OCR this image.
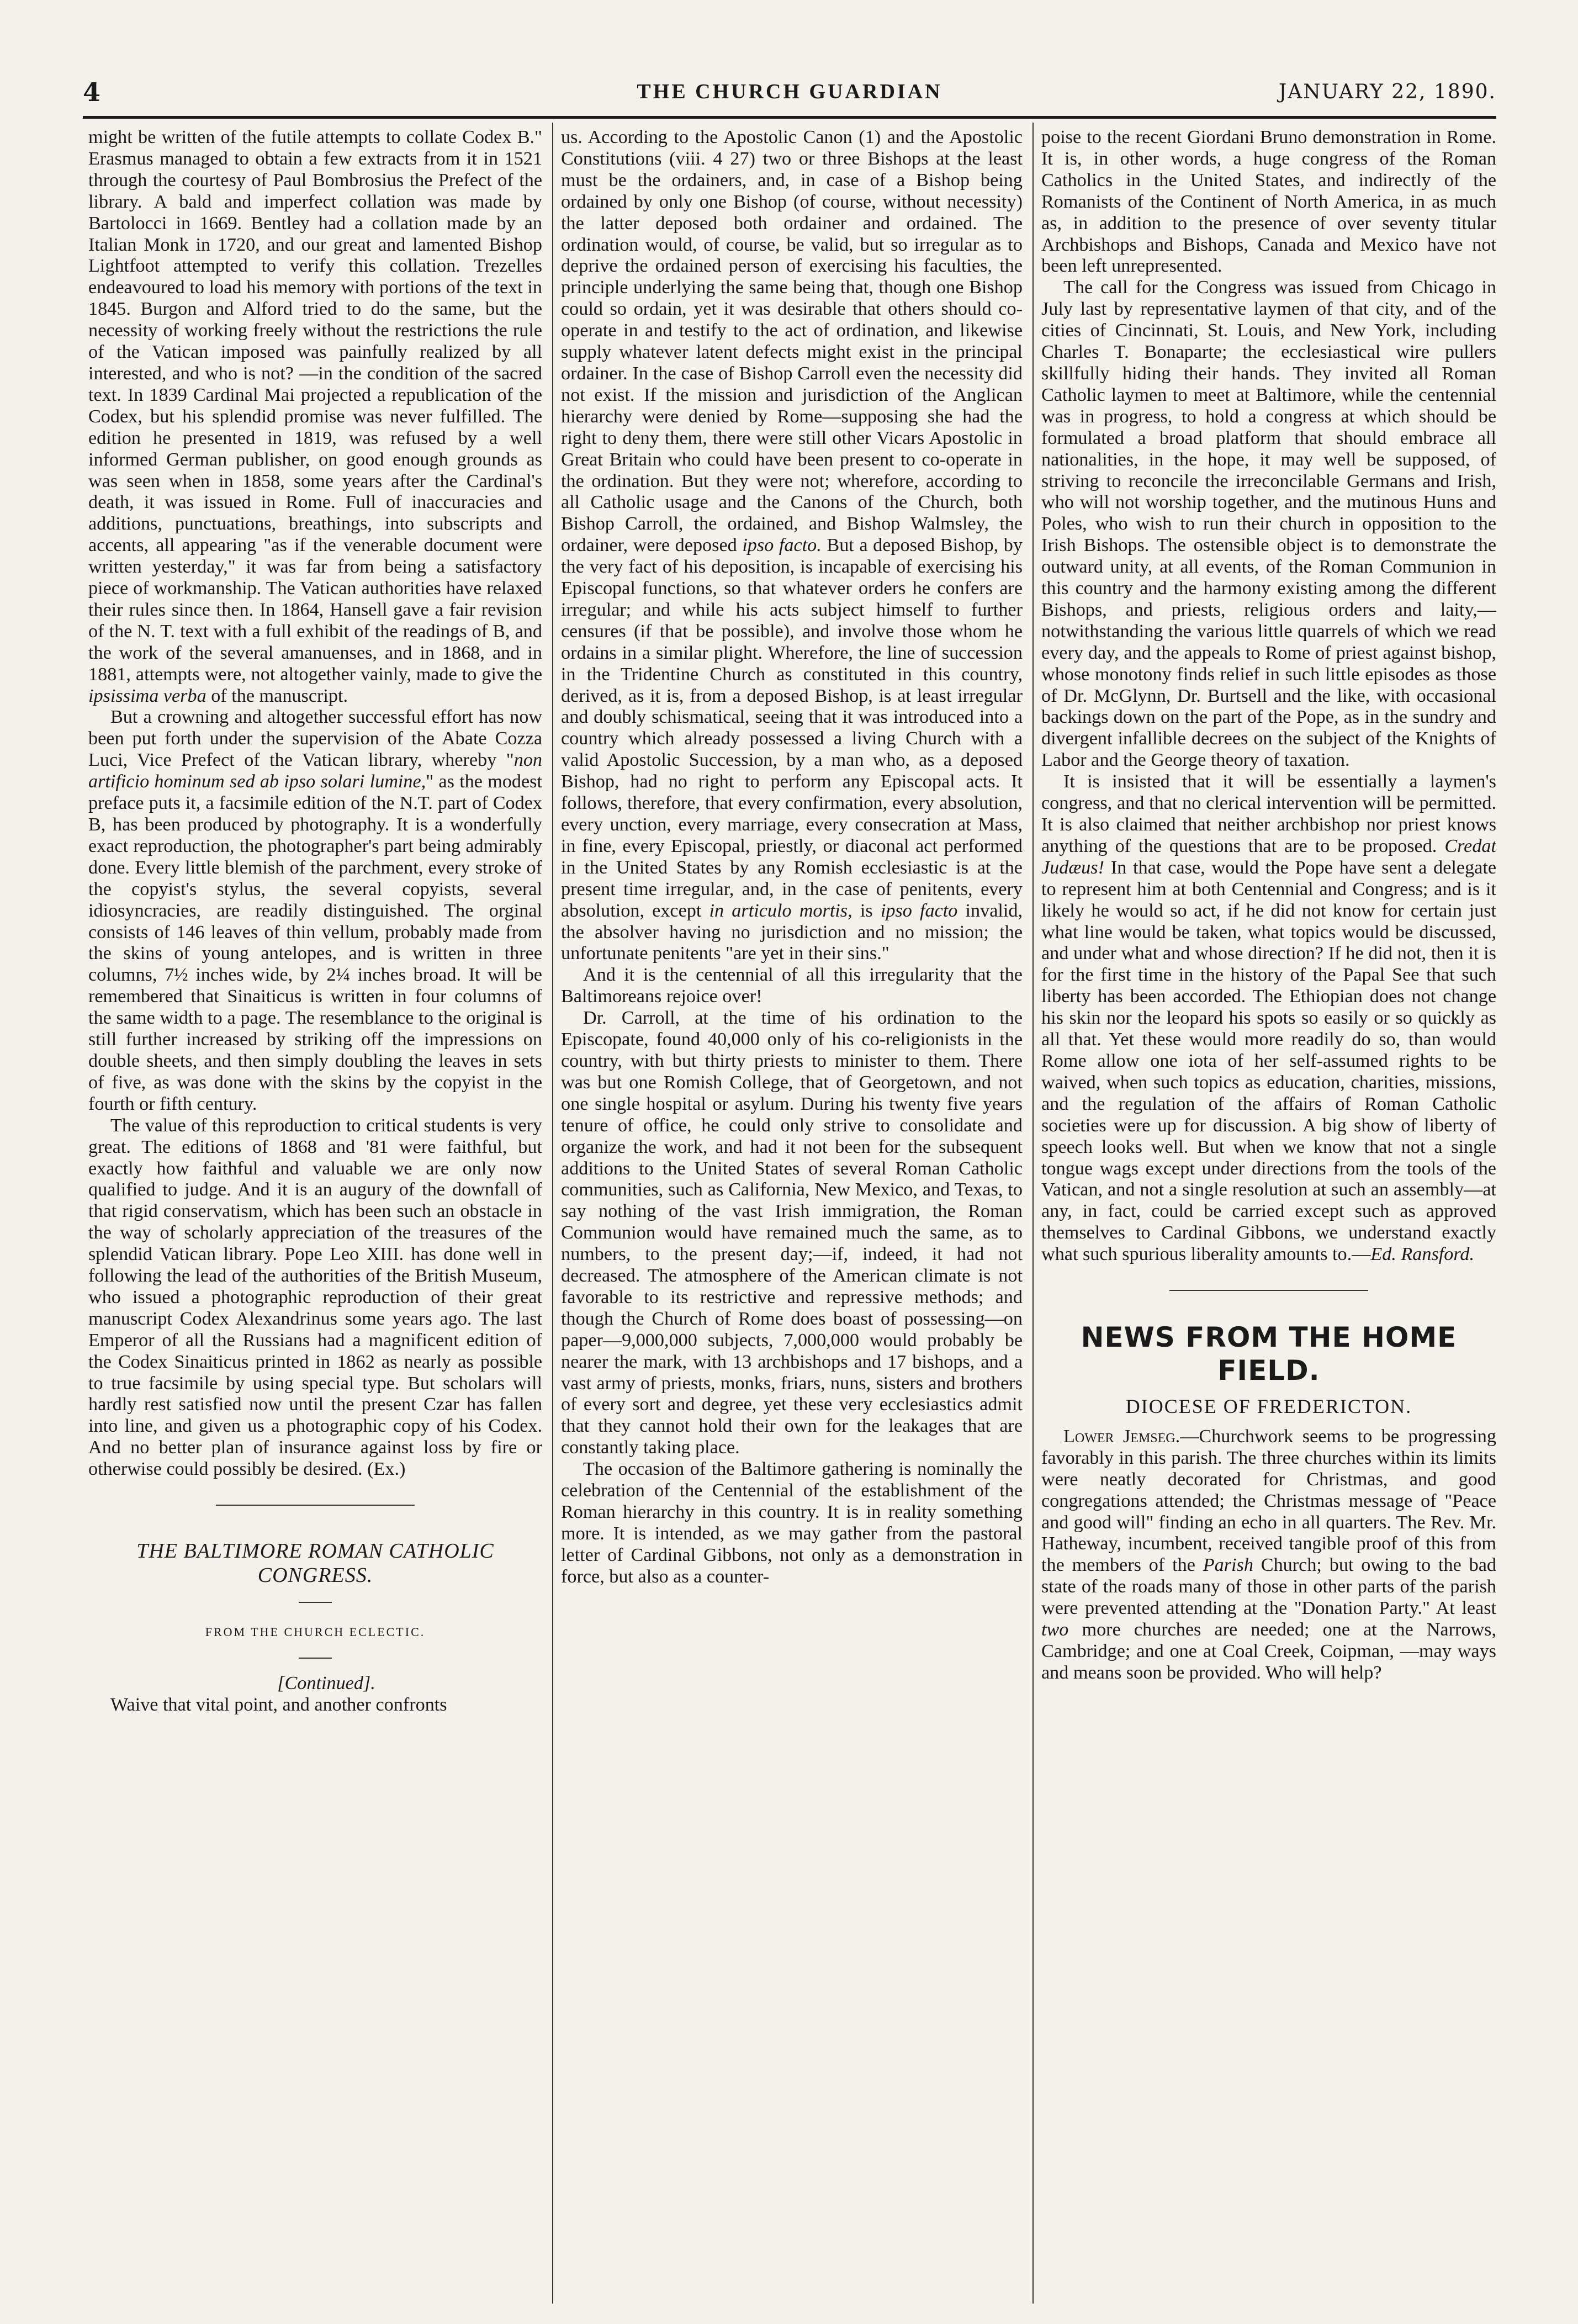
4	THE CHURCH GUARDIAN	JANUARY 22, 1890.

might be written of the futile attempts to collate Codex B." Erasmus managed to obtain a few extracts from it in 1521 through the courtesy of Paul Bombrosius the Prefect of the library. A bald and imperfect collation was made by Bartolocci in 1669. Bentley had a collation made by an Italian Monk in 1720, and our great and lamented Bishop Lightfoot attempted to verify this collation. Trezelles endeavoured to load his memory with portions of the text in 1845. Burgon and Alford tried to do the same, but the necessity of working freely without the restrictions the rule of the Vatican imposed was painfully realized by all interested, and who is not? —in the condition of the sacred text. In 1839 Cardinal Mai projected a republication of the Codex, but his splendid promise was never fulfilled. The edition he presented in 1819, was refused by a well informed German publisher, on good enough grounds as was seen when in 1858, some years after the Cardinal's death, it was issued in Rome. Full of inaccuracies and additions, punctuations, breathings, into subscripts and accents, all appearing "as if the venerable document were written yesterday," it was far from being a satisfactory piece of workmanship. The Vatican authorities have relaxed their rules since then. In 1864, Hansell gave a fair revision of the N. T. text with a full exhibit of the readings of B, and the work of the several amanuenses, and in 1868, and in 1881, attempts were, not altogether vainly, made to give the ipsissima verba of the manuscript.

But a crowning and altogether successful effort has now been put forth under the supervision of the Abate Cozza Luci, Vice Prefect of the Vatican library, whereby "non artificio hominum sed ab ipso solari lumine," as the modest preface puts it, a facsimile edition of the N.T. part of Codex B, has been produced by photography. It is a wonderfully exact reproduction, the photographer's part being admirably done. Every little blemish of the parchment, every stroke of the copyist's stylus, the several copyists, several idiosyncracies, are readily distinguished. The orginal consists of 146 leaves of thin vellum, probably made from the skins of young antelopes, and is written in three columns, 7½ inches wide, by 2¼ inches broad. It will be remembered that Sinaiticus is written in four columns of the same width to a page. The resemblance to the original is still further increased by striking off the impressions on double sheets, and then simply doubling the leaves in sets of five, as was done with the skins by the copyist in the fourth or fifth century.

The value of this reproduction to critical students is very great. The editions of 1868 and '81 were faithful, but exactly how faithful and valuable we are only now qualified to judge. And it is an augury of the downfall of that rigid conservatism, which has been such an obstacle in the way of scholarly appreciation of the treasures of the splendid Vatican library. Pope Leo XIII. has done well in following the lead of the authorities of the British Museum, who issued a photographic reproduction of their great manuscript Codex Alexandrinus some years ago. The last Emperor of all the Russians had a magnificent edition of the Codex Sinaiticus printed in 1862 as nearly as possible to true facsimile by using special type. But scholars will hardly rest satisfied now until the present Czar has fallen into line, and given us a photographic copy of his Codex. And no better plan of insurance against loss by fire or otherwise could possibly be desired. (Ex.)

THE BALTIMORE ROMAN CATHOLIC CONGRESS.
FROM THE CHURCH ECLECTIC.

[Continued].

Waive that vital point, and another confronts

us. According to the Apostolic Canon (1) and the Apostolic Constitutions (viii. 4 27) two or three Bishops at the least must be the ordainers, and, in case of a Bishop being ordained by only one Bishop (of course, without necessity) the latter deposed both ordainer and ordained. The ordination would, of course, be valid, but so irregular as to deprive the ordained person of exercising his faculties, the principle underlying the same being that, though one Bishop could so ordain, yet it was desirable that others should co-operate in and testify to the act of ordination, and likewise supply whatever latent defects might exist in the principal ordainer. In the case of Bishop Carroll even the necessity did not exist. If the mission and jurisdiction of the Anglican hierarchy were denied by Rome—supposing she had the right to deny them, there were still other Vicars Apostolic in Great Britain who could have been present to co-operate in the ordination. But they were not; wherefore, according to all Catholic usage and the Canons of the Church, both Bishop Carroll, the ordained, and Bishop Walmsley, the ordainer, were deposed ipso facto. But a deposed Bishop, by the very fact of his deposition, is incapable of exercising his Episcopal functions, so that whatever orders he confers are irregular; and while his acts subject himself to further censures (if that be possible), and involve those whom he ordains in a similar plight. Wherefore, the line of succession in the Tridentine Church as constituted in this country, derived, as it is, from a deposed Bishop, is at least irregular and doubly schismatical, seeing that it was introduced into a country which already possessed a living Church with a valid Apostolic Succession, by a man who, as a deposed Bishop, had no right to perform any Episcopal acts. It follows, therefore, that every confirmation, every absolution, every unction, every marriage, every consecration at Mass, in fine, every Episcopal, priestly, or diaconal act performed in the United States by any Romish ecclesiastic is at the present time irregular, and, in the case of penitents, every absolution, except in articulo mortis, is ipso facto invalid, the absolver having no jurisdiction and no mission; the unfortunate penitents "are yet in their sins."

And it is the centennial of all this irregularity that the Baltimoreans rejoice over!

Dr. Carroll, at the time of his ordination to the Episcopate, found 40,000 only of his co-religionists in the country, with but thirty priests to minister to them. There was but one Romish College, that of Georgetown, and not one single hospital or asylum. During his twenty five years tenure of office, he could only strive to consolidate and organize the work, and had it not been for the subsequent additions to the United States of several Roman Catholic communities, such as California, New Mexico, and Texas, to say nothing of the vast Irish immigration, the Roman Communion would have remained much the same, as to numbers, to the present day;—if, indeed, it had not decreased. The atmosphere of the American climate is not favorable to its restrictive and repressive methods; and though the Church of Rome does boast of possessing—on paper—9,000,000 subjects, 7,000,000 would probably be nearer the mark, with 13 archbishops and 17 bishops, and a vast army of priests, monks, friars, nuns, sisters and brothers of every sort and degree, yet these very ecclesiastics admit that they cannot hold their own for the leakages that are constantly taking place.

The occasion of the Baltimore gathering is nominally the celebration of the Centennial of the establishment of the Roman hierarchy in this country. It is in reality something more. It is intended, as we may gather from the pastoral letter of Cardinal Gibbons, not only as a demonstration in force, but also as a counter-

poise to the recent Giordani Bruno demonstration in Rome. It is, in other words, a huge congress of the Roman Catholics in the United States, and indirectly of the Romanists of the Continent of North America, in as much as, in addition to the presence of over seventy titular Archbishops and Bishops, Canada and Mexico have not been left unrepresented.

The call for the Congress was issued from Chicago in July last by representative laymen of that city, and of the cities of Cincinnati, St. Louis, and New York, including Charles T. Bonaparte; the ecclesiastical wire pullers skillfully hiding their hands. They invited all Roman Catholic laymen to meet at Baltimore, while the centennial was in progress, to hold a congress at which should be formulated a broad platform that should embrace all nationalities, in the hope, it may well be supposed, of striving to reconcile the irreconcilable Germans and Irish, who will not worship together, and the mutinous Huns and Poles, who wish to run their church in opposition to the Irish Bishops. The ostensible object is to demonstrate the outward unity, at all events, of the Roman Communion in this country and the harmony existing among the different Bishops, and priests, religious orders and laity,—notwithstanding the various little quarrels of which we read every day, and the appeals to Rome of priest against bishop, whose monotony finds relief in such little episodes as those of Dr. McGlynn, Dr. Burtsell and the like, with occasional backings down on the part of the Pope, as in the sundry and divergent infallible decrees on the subject of the Knights of Labor and the George theory of taxation.

It is insisted that it will be essentially a laymen's congress, and that no clerical intervention will be permitted. It is also claimed that neither archbishop nor priest knows anything of the questions that are to be proposed. Credat Judæus! In that case, would the Pope have sent a delegate to represent him at both Centennial and Congress; and is it likely he would so act, if he did not know for certain just what line would be taken, what topics would be discussed, and under what and whose direction? If he did not, then it is for the first time in the history of the Papal See that such liberty has been accorded. The Ethiopian does not change his skin nor the leopard his spots so easily or so quickly as all that. Yet these would more readily do so, than would Rome allow one iota of her self-assumed rights to be waived, when such topics as education, charities, missions, and the regulation of the affairs of Roman Catholic societies were up for discussion. A big show of liberty of speech looks well. But when we know that not a single tongue wags except under directions from the tools of the Vatican, and not a single resolution at such an assembly—at any, in fact, could be carried except such as approved themselves to Cardinal Gibbons, we understand exactly what such spurious liberality amounts to.—Ed. Ransford.

NEWS FROM THE HOME FIELD.
DIOCESE OF FREDERICTON.

Lower Jemseg.—Churchwork seems to be progressing favorably in this parish. The three churches within its limits were neatly decorated for Christmas, and good congregations attended; the Christmas message of "Peace and good will" finding an echo in all quarters. The Rev. Mr. Hatheway, incumbent, received tangible proof of this from the members of the Parish Church; but owing to the bad state of the roads many of those in other parts of the parish were prevented attending at the "Donation Party." At least two more churches are needed; one at the Narrows, Cambridge; and one at Coal Creek, Coipman, —may ways and means soon be provided. Who will help?
